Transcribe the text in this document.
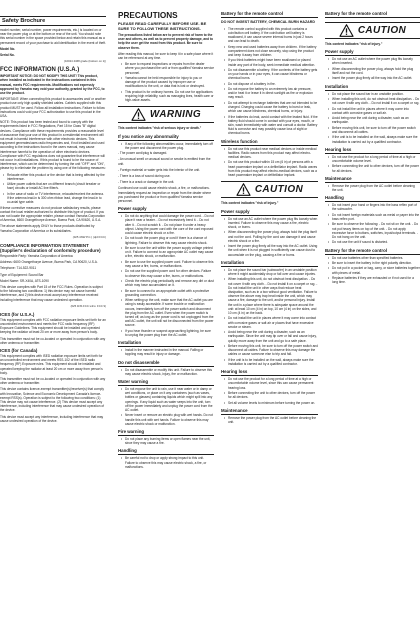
Safety Brochure
model number, serial number, power requirements, etc.) is located on or near the power plug or at the bottom or rear of the unit. You should note this serial number in the space provided below and retain this manual as a permanent record of your purchase to aid identification in the event of theft.
Model No.
Serial No.
(10024 4468 grade (bottom on 1))
FCC INFORMATION (U.S.A.)
IMPORTANT NOTICE: DO NOT MODIFY THIS UNIT! This product, when installed as indicated in the instructions contained in this manual, meets FCC requirements. Modifications not expressly approved by Yamaha may void your authority, granted by the FCC, to use the product.
IMPORTANT: When connecting this product to accessories and/ or another product use only high quality shielded cables. Cable/s supplied with this product MUST be used. Follow all installation instructions. Failure to follow instructions could void your FCC authorization to use this product in the USA.
NOTE: This product has been tested and found to comply with the requirements listed in FCC Regulations, Part 15 for Class "B" digital devices. Compliance with these requirements provides a reasonable level of assurance that your use of this product in a residential environment will not result in harmful interference with other electronic devices. This equipment generates/uses radio frequencies and, if not installed and used according to the instructions found in the users manual, may cause interference harmful to the operation of other electronic devices. Compliance with FCC regulations does not guarantee that interference will not occur in all installations. If this product is found to be the source of interference, which can be determined by turning the unit "OFF" and "ON", please try to eliminate the problem by using one of the following measures:
• Relocate either this product or the device that is being affected by the interference.
• Utilize power outlets that are on different branch (circuit breaker or fuse) circuits or install AC line filter/s.
• In the case of radio or TV interference, relocate/reorient the antenna. If the antenna lead-in is 300 ohm ribbon lead, change the lead-in to co-axial type cable.
If these corrective measures do not produce satisfactory results, please contact the local retailer authorized to distribute this type of product. If you can not locate the appropriate retailer, please contact Yamaha Corporation of America, 6600 Orangethorpe Avenue, Buena Park, CA 90620, U.S.A.
The above statements apply ONLY to those products distributed by Yamaha Corporation of America or its subsidiaries.
(025 4NW P.C.) (dp0 FCC)
COMPLIANCE INFORMATION STATEMENT (Supplier's declaration of conformity procedure)
Responsible Party: Yamaha Corporation of America
Address: 6600 Orangethorpe Avenue, Buena Park, CA 90620, U.S.A.
Telephone: 714-522-9011
Type of Equipment: Sound Bar
Model Name: SR-X40A, ATS-1090
This device complies with Part 15 of the FCC Rules. Operation is subject to the following two conditions: 1) this device may not cause harmful interference, and 2) this device must accept any interference received including interference that may cause undesired operation.
(025 4NS FCC wfco: FCC 9)
ICES (for U.S.A.)
This equipment complies with FCC radiation exposure limits set forth for an uncontrolled environment and meets the FCC radio frequency (RF) Exposure Guidelines. This equipment should be installed and operated keeping the radiator at least 20 cm or more away from person's body.
This transmitter must not be co-located or operated in conjunction with any other antenna or transmitter.
ICES (for Canada)
This equipment complies with ISED radiation exposure limits set forth for an uncontrolled environment and meets RSS-102 of the ISED radio frequency (RF) Exposure rules. This equipment should be installed and operated keeping the radiator at least 20 cm or more away from person's body.
This transmitter must not be co-located or operated in conjunction with any other antenna or transmitter.
This device contains licence-exempt transmitter(s)/receiver(s) that comply with Innovation, Science and Economic Development Canada's licence-exempt RSS(s). Operation is subject to the following two conditions: (1) This device may not cause interference. (2) This device must accept any interference, including interference that may cause undesired operation of the device.
This device must accept any interference, including interference that may cause undesired operation of the device.
PRECAUTIONS
PLEASE READ CAREFULLY BEFORE USE. BE SURE TO FOLLOW THESE INSTRUCTIONS.
The precautions listed below are to prevent risk of harm to the user and others, as well as to prevent property damage, and to help the user get the most from this product. Be sure to observe them.
After reading this manual, be sure to keep it in a safe place where it can be referenced at any time.
• Be sure to request inspections or repairs from the dealer where you purchased the unit or from qualified Yamaha service personnel.
• Yamaha cannot be held responsible for injury to you or damage of the product caused by improper use or modifications to the unit, or data that is lost or destroyed.
• This product is for ordinary homes. Do not use for applications requiring high reliability, such as managing lives, health care or high-value assets.
WARNING
This content indicates "risk of serious injury or death."
If you notice any abnormality
• If any of the following abnormalities occur, immediately turn off the power and disconnect the power plug.
- The power cord/plug is damaged.
- An unusual smell or unusual sound or smoke is emitted from the unit.
- Foreign material or water gets into the interior of the unit.
- There is a loss of sound during use.
- There is a crack or damage in the unit.
Continued use could cause electric shock, a fire, or malfunctions. Immediately request an inspection or repair from the dealer where you purchased the product or from qualified Yamaha service personnel.
Power supply
• Do not do anything that could damage the power cord. - Do not place it near a heater. - Do not excessively bend it. - Do not alter it. - Do not scratch it. - Do not place it under a heavy object. Using the power cord with the core of the cord exposed could cause electric shock or a fire.
• Do not touch the power plug or cord if there is a chance of lightning. Failure to observe this may cause electric shock.
• Be sure to use the unit within the power supply voltage printed on it. Failure to connect to an appropriate AC outlet may cause a fire, electric shock, or malfunction.
• Be sure to use the supplied power cord. Failure to observe this may cause a fire, burns, or malfunctions.
• Do not use the supplied power cord for other devices. Failure to observe this may cause a fire, burns, or malfunctions.
• Check the electric plug periodically and remove any dirt or dust which may have accumulated on it.
• Be sure to connect to an appropriate outlet with a protective grounding connection.
• When setting up the unit, make sure that the AC outlet you are using is easily accessible. If some trouble or malfunction occurs, immediately turn off the power switch and disconnect the plug from the AC outlet. Even when the power switch is turned off, as long as the power cord is not unplugged from the wall AC outlet, the unit will not be disconnected from the power source.
• If you hear thunder or suspect approaching lightning, be sure to unplug the power plug from the AC outlet.
Installation
• Install in the manner instructed in the manual. Falling or toppling may result in injury or damage.
Do not disassemble
• Do not disassemble or modify this unit. Failure to observe this may cause electric shock, injury, fire or malfunction.
Water warning
• Do not expose the unit to rain, use it near water or in damp or wet conditions, or place on it any containers (such as vases, bottles or glasses) containing liquids which might spill into any openings. If any liquid such as water seeps into the unit, turn off the power immediately and unplug the power cord from the AC outlet.
• Never insert or remove an electric plug with wet hands. Do not handle this unit with wet hands. Failure to observe this may cause electric shock or malfunction.
Fire warning
• Do not place any burning items or open flames near the unit, since they may cause a fire.
Handling
• Be careful not to drop or apply strong impact to this unit. Failure to observe this may cause electric shock, a fire, or malfunctions.
Battery for the remote control
DO NOT INGEST BATTERY, CHEMICAL BURN HAZARD
• The remote control supplied with this product contains a coin/button cell battery. If the coin/button cell battery is swallowed, it can cause severe internal burns in just 2 hours and can lead to death.
• Keep new and used batteries away from children. If the battery compartment does not close securely, stop using the product and keep it away from children.
• If you think batteries might have been swallowed or placed inside any part of the body, seek immediate medical attention.
• Do not disassemble a battery. If the contents of the battery gets on your hands or in your eyes, it can cause blindness or chemical burns.
• Do not dispose of a battery in fire.
• Do not expose the battery to an extremely low air pressure, and/or heat it or leave it in direct sunlight as fire or explosion may result.
• Do not attempt to recharge batteries that are not intended to be charged. Charging could cause the battery to burst or leak, which can cause blindness, chemical burns, or injury.
• If the batteries do leak, avoid contact with the leaked fluid. If the battery fluid should come in contact with your eyes, mouth, or skin, wash immediately with water and consult a doctor. Battery fluid is corrosive and may possibly cause loss of sight or chemical burns.
Wireless function
• Do not use this product near medical devices or inside medical facilities. Radio waves from this product may affect electro-medical devices.
• Do not use this product within 15 cm (6 in) of persons with a heart pacemaker implant or a defibrillator implant. Radio waves from this product may affect electro-medical devices, such as a heart pacemaker implant or defibrillator implant.
CAUTION
This content indicates "risk of injury."
Power supply
• Do not use an AC outlet where the power plug fits loosely when inserted. Failure to observe this may cause a fire, electric shock, or burns.
• When disconnecting the power plug, always hold the plug itself and not the cord. Pulling by the cord can damage it and cause electric shock or a fire.
• Insert the power plug firmly all the way into the AC outlet. Using the unit when it is not plugged in sufficiently can cause dust to accumulate on the plug, causing a fire or burns.
Installation
• Do not place the sound bar (subwoofer) in an unstable position where it might accidentally drop or fall over and cause injuries.
• When installing this unit, do not obstruct heat dissipation. - Do not cover it with any cloth. - Do not install it on a carpet or rug. - Do not install the unit in other ways that reduce heat dissipation, such as in a box without good ventilation. Failure to observe the above may trap heat inside the unit, which may cause a fire, damage to the unit, and/or personal injury. Install the unit in a place where there is adequate space around the unit: at least 10 cm (4 in) on top, 10 cm (4 in) on the sides, and 10 cm (4 in) on the back.
• Do not install the unit in places where it may come into contact with corrosive gases or salt air or places that have excessive smoke or steam.
• Avoid being near the unit during a disaster, such as an earthquake. Since the unit may tip over or fall and cause injury, quickly move away from the unit and go to a safe place.
• Before moving this unit, be sure to turn off the power switch and disconnect all cables. Failure to observe this may damage the cables or cause someone else to trip and fall.
• If the unit is to be installed on the wall, always make sure the installation is carried out by a qualified contractor.
Hearing loss
• Do not use the product for a long period of time at a high or uncomfortable volume level, since this can cause permanent hearing loss.
• Before connecting the unit to other devices, turn off the power for all devices.
• Set all volume levels to minimum before turning the power on.
Maintenance
• Remove the power plug from the AC outlet before cleaning the unit.
Battery for the remote control
CAUTION
This content indicates "risk of injury."
Power supply
• Do not use an AC outlet where the power plug fits loosely when inserted.
• When disconnecting the power plug, always hold the plug itself and not the cord.
• Insert the power plug firmly all the way into the AC outlet.
Installation
• Do not place the sound bar in an unstable position.
• When installing this unit, do not obstruct heat dissipation. - Do not cover it with any cloth. - Do not install it on a carpet or rug.
• Do not install the unit in places where it may come into contact with corrosive gases or salt air.
• Avoid being near the unit during a disaster, such as an earthquake.
• Before moving this unit, be sure to turn off the power switch and disconnect all cables.
• If the unit is to be installed on the wall, always make sure the installation is carried out by a qualified contractor.
Hearing loss
• Do not use the product for a long period of time at a high or uncomfortable volume level.
• Before connecting the unit to other devices, turn off the power for all devices.
Maintenance
• Remove the power plug from the AC outlet before cleaning the unit.
Handling
• Do not insert your hand or fingers into the bass reflex port of the subwoofer.
• Do not insert foreign materials such as metal or paper into the bass reflex port.
• Be sure to observe the following: - Do not sit on the unit. - Do not put heavy items on top of the unit. - Do not apply excessive force to buttons, switches, input/output terminals. - Do not hang on the unit.
• Do not use the unit if sound is distorted.
Battery for the remote control
• Do not use batteries other than specified batteries.
• Be sure to insert the battery in the right polarity direction.
• Do not put in a pocket or bag, carry, or store batteries together with pieces of metal.
• Replace batteries if they are exhausted or if not used for a long time.
